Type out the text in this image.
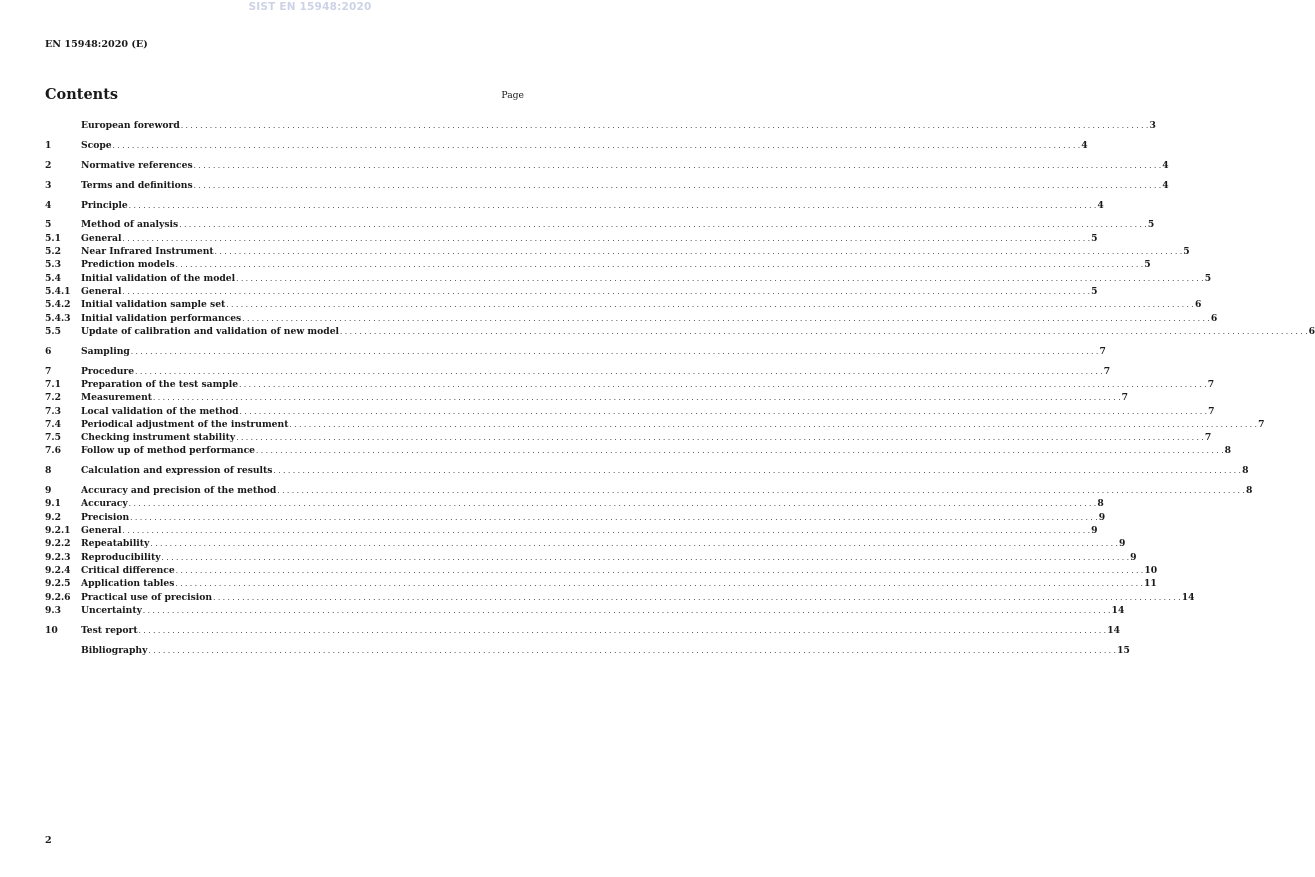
SIST EN 15948:2020
EN 15948:2020 (E)
Contents	Page
European foreword . . . . . . . . . . . . . . . . . . . . . . . . . . . . . . . . . . . . . . . . . . . . . . . . . . . . . . . . . . . . . . . . . . . . . . . . . . . . . . . . . . . . . . . . . . . . . . . . . . . . . . . . . . . . . . . . . . . . . . . . . . . . . . . . . . . . . . . . . . . . . . . . . . . . . . . . . . . . . . . . . . . . . . . . . . . . . . . . . . . . . . . . . . . . . . . . . . . . . . . . 3
1	Scope . . . . . . . . . . . . . . . . . . . . . . . . . . . . . . . . . . . . . . . . . . . . . . . . . . . . . . . . . . . . . . . . . . . . . . . . . . . . . . . . . . . . . . . . . . . . . . . . . . . . . . . . . . . . . . . . . . . . . . . . . . . . . . . . . . . . . . . . . . . . . . . . . . . . . . . . . . . . . . . . . . . . . . . . . . . . . . . . . . . . . . . . . . . . . . . . . . . . . . . . 4
2	Normative references . . . . . . . . . . . . . . . . . . . . . . . . . . . . . . . . . . . . . . . . . . . . . . . . . . . . . . . . . . . . . . . . . . . . . . . . . . . . . . . . . . . . . . . . . . . . . . . . . . . . . . . . . . . . . . . . . . . . . . . . . . . . . . . . . . . . . . . . . . . . . . . . . . . . . . . . . . . . . . . . . . . . . . . . . . . . . . . . . . . . . . . . . . . . . . . . . . . . . . . . 4
3	Terms and definitions . . . . . . . . . . . . . . . . . . . . . . . . . . . . . . . . . . . . . . . . . . . . . . . . . . . . . . . . . . . . . . . . . . . . . . . . . . . . . . . . . . . . . . . . . . . . . . . . . . . . . . . . . . . . . . . . . . . . . . . . . . . . . . . . . . . . . . . . . . . . . . . . . . . . . . . . . . . . . . . . . . . . . . . . . . . . . . . . . . . . . . . . . . . . . . . . . . . . . . . . 4
4	Principle . . . . . . . . . . . . . . . . . . . . . . . . . . . . . . . . . . . . . . . . . . . . . . . . . . . . . . . . . . . . . . . . . . . . . . . . . . . . . . . . . . . . . . . . . . . . . . . . . . . . . . . . . . . . . . . . . . . . . . . . . . . . . . . . . . . . . . . . . . . . . . . . . . . . . . . . . . . . . . . . . . . . . . . . . . . . . . . . . . . . . . . . . . . . . . . . . . . . . . . . 4
5	Method of analysis . . . . . . . . . . . . . . . . . . . . . . . . . . . . . . . . . . . . . . . . . . . . . . . . . . . . . . . . . . . . . . . . . . . . . . . . . . . . . . . . . . . . . . . . . . . . . . . . . . . . . . . . . . . . . . . . . . . . . . . . . . . . . . . . . . . . . . . . . . . . . . . . . . . . . . . . . . . . . . . . . . . . . . . . . . . . . . . . . . . . . . . . . . . . . . . . . . . . . . . . 5
5.1	General . . . . . . . . . . . . . . . . . . . . . . . . . . . . . . . . . . . . . . . . . . . . . . . . . . . . . . . . . . . . . . . . . . . . . . . . . . . . . . . . . . . . . . . . . . . . . . . . . . . . . . . . . . . . . . . . . . . . . . . . . . . . . . . . . . . . . . . . . . . . . . . . . . . . . . . . . . . . . . . . . . . . . . . . . . . . . . . . . . . . . . . . . . . . . . . . . . . . . . . . 5
5.2	Near Infrared Instrument . . . . . . . . . . . . . . . . . . . . . . . . . . . . . . . . . . . . . . . . . . . . . . . . . . . . . . . . . . . . . . . . . . . . . . . . . . . . . . . . . . . . . . . . . . . . . . . . . . . . . . . . . . . . . . . . . . . . . . . . . . . . . . . . . . . . . . . . . . . . . . . . . . . . . . . . . . . . . . . . . . . . . . . . . . . . . . . . . . . . . . . . . . . . . . . . . . . . . . . . 5
5.3	Prediction models . . . . . . . . . . . . . . . . . . . . . . . . . . . . . . . . . . . . . . . . . . . . . . . . . . . . . . . . . . . . . . . . . . . . . . . . . . . . . . . . . . . . . . . . . . . . . . . . . . . . . . . . . . . . . . . . . . . . . . . . . . . . . . . . . . . . . . . . . . . . . . . . . . . . . . . . . . . . . . . . . . . . . . . . . . . . . . . . . . . . . . . . . . . . . . . . . . . . . . . . 5
5.4	Initial validation of the model . . . . . . . . . . . . . . . . . . . . . . . . . . . . . . . . . . . . . . . . . . . . . . . . . . . . . . . . . . . . . . . . . . . . . . . . . . . . . . . . . . . . . . . . . . . . . . . . . . . . . . . . . . . . . . . . . . . . . . . . . . . . . . . . . . . . . . . . . . . . . . . . . . . . . . . . . . . . . . . . . . . . . . . . . . . . . . . . . . . . . . . . . . . . . . . . . . . . . . . . 5
5.4.1	General . . . . . . . . . . . . . . . . . . . . . . . . . . . . . . . . . . . . . . . . . . . . . . . . . . . . . . . . . . . . . . . . . . . . . . . . . . . . . . . . . . . . . . . . . . . . . . . . . . . . . . . . . . . . . . . . . . . . . . . . . . . . . . . . . . . . . . . . . . . . . . . . . . . . . . . . . . . . . . . . . . . . . . . . . . . . . . . . . . . . . . . . . . . . . . . . . . . . . . . . 5
5.4.2	Initial validation sample set . . . . . . . . . . . . . . . . . . . . . . . . . . . . . . . . . . . . . . . . . . . . . . . . . . . . . . . . . . . . . . . . . . . . . . . . . . . . . . . . . . . . . . . . . . . . . . . . . . . . . . . . . . . . . . . . . . . . . . . . . . . . . . . . . . . . . . . . . . . . . . . . . . . . . . . . . . . . . . . . . . . . . . . . . . . . . . . . . . . . . . . . . . . . . . . . . . . . . . . . 6
5.4.3	Initial validation performances . . . . . . . . . . . . . . . . . . . . . . . . . . . . . . . . . . . . . . . . . . . . . . . . . . . . . . . . . . . . . . . . . . . . . . . . . . . . . . . . . . . . . . . . . . . . . . . . . . . . . . . . . . . . . . . . . . . . . . . . . . . . . . . . . . . . . . . . . . . . . . . . . . . . . . . . . . . . . . . . . . . . . . . . . . . . . . . . . . . . . . . . . . . . . . . . . . . . . . . . 6
5.5	Update of calibration and validation of new model . . . . . . . . . . . . . . . . . . . . . . . . . . . . . . . . . . . . . . . . . . . . . . . . . . . . . . . . . . . . . . . . . . . . . . . . . . . . . . . . . . . . . . . . . . . . . . . . . . . . . . . . . . . . . . . . . . . . . . . . . . . . . . . . . . . . . . . . . . . . . . . . . . . . . . . . . . . . . . . . . . . . . . . . . . . . . . . . . . . . . . . . . . . . . . . . . . . . . . . . 6
6	Sampling . . . . . . . . . . . . . . . . . . . . . . . . . . . . . . . . . . . . . . . . . . . . . . . . . . . . . . . . . . . . . . . . . . . . . . . . . . . . . . . . . . . . . . . . . . . . . . . . . . . . . . . . . . . . . . . . . . . . . . . . . . . . . . . . . . . . . . . . . . . . . . . . . . . . . . . . . . . . . . . . . . . . . . . . . . . . . . . . . . . . . . . . . . . . . . . . . . . . . . . . 7
7	Procedure . . . . . . . . . . . . . . . . . . . . . . . . . . . . . . . . . . . . . . . . . . . . . . . . . . . . . . . . . . . . . . . . . . . . . . . . . . . . . . . . . . . . . . . . . . . . . . . . . . . . . . . . . . . . . . . . . . . . . . . . . . . . . . . . . . . . . . . . . . . . . . . . . . . . . . . . . . . . . . . . . . . . . . . . . . . . . . . . . . . . . . . . . . . . . . . . . . . . . . . . 7
7.1	Preparation of the test sample . . . . . . . . . . . . . . . . . . . . . . . . . . . . . . . . . . . . . . . . . . . . . . . . . . . . . . . . . . . . . . . . . . . . . . . . . . . . . . . . . . . . . . . . . . . . . . . . . . . . . . . . . . . . . . . . . . . . . . . . . . . . . . . . . . . . . . . . . . . . . . . . . . . . . . . . . . . . . . . . . . . . . . . . . . . . . . . . . . . . . . . . . . . . . . . . . . . . . . . . 7
7.2	Measurement . . . . . . . . . . . . . . . . . . . . . . . . . . . . . . . . . . . . . . . . . . . . . . . . . . . . . . . . . . . . . . . . . . . . . . . . . . . . . . . . . . . . . . . . . . . . . . . . . . . . . . . . . . . . . . . . . . . . . . . . . . . . . . . . . . . . . . . . . . . . . . . . . . . . . . . . . . . . . . . . . . . . . . . . . . . . . . . . . . . . . . . . . . . . . . . . . . . . . . . . 7
7.3	Local validation of the method . . . . . . . . . . . . . . . . . . . . . . . . . . . . . . . . . . . . . . . . . . . . . . . . . . . . . . . . . . . . . . . . . . . . . . . . . . . . . . . . . . . . . . . . . . . . . . . . . . . . . . . . . . . . . . . . . . . . . . . . . . . . . . . . . . . . . . . . . . . . . . . . . . . . . . . . . . . . . . . . . . . . . . . . . . . . . . . . . . . . . . . . . . . . . . . . . . . . . . . . 7
7.4	Periodical adjustment of the instrument . . . . . . . . . . . . . . . . . . . . . . . . . . . . . . . . . . . . . . . . . . . . . . . . . . . . . . . . . . . . . . . . . . . . . . . . . . . . . . . . . . . . . . . . . . . . . . . . . . . . . . . . . . . . . . . . . . . . . . . . . . . . . . . . . . . . . . . . . . . . . . . . . . . . . . . . . . . . . . . . . . . . . . . . . . . . . . . . . . . . . . . . . . . . . . . . . . . . . . . . 7
7.5	Checking instrument stability . . . . . . . . . . . . . . . . . . . . . . . . . . . . . . . . . . . . . . . . . . . . . . . . . . . . . . . . . . . . . . . . . . . . . . . . . . . . . . . . . . . . . . . . . . . . . . . . . . . . . . . . . . . . . . . . . . . . . . . . . . . . . . . . . . . . . . . . . . . . . . . . . . . . . . . . . . . . . . . . . . . . . . . . . . . . . . . . . . . . . . . . . . . . . . . . . . . . . . . . 7
7.6	Follow up of method performance . . . . . . . . . . . . . . . . . . . . . . . . . . . . . . . . . . . . . . . . . . . . . . . . . . . . . . . . . . . . . . . . . . . . . . . . . . . . . . . . . . . . . . . . . . . . . . . . . . . . . . . . . . . . . . . . . . . . . . . . . . . . . . . . . . . . . . . . . . . . . . . . . . . . . . . . . . . . . . . . . . . . . . . . . . . . . . . . . . . . . . . . . . . . . . . . . . . . . . . . 8
8	Calculation and expression of results . . . . . . . . . . . . . . . . . . . . . . . . . . . . . . . . . . . . . . . . . . . . . . . . . . . . . . . . . . . . . . . . . . . . . . . . . . . . . . . . . . . . . . . . . . . . . . . . . . . . . . . . . . . . . . . . . . . . . . . . . . . . . . . . . . . . . . . . . . . . . . . . . . . . . . . . . . . . . . . . . . . . . . . . . . . . . . . . . . . . . . . . . . . . . . . . . . . . . . . . 8
9	Accuracy and precision of the method . . . . . . . . . . . . . . . . . . . . . . . . . . . . . . . . . . . . . . . . . . . . . . . . . . . . . . . . . . . . . . . . . . . . . . . . . . . . . . . . . . . . . . . . . . . . . . . . . . . . . . . . . . . . . . . . . . . . . . . . . . . . . . . . . . . . . . . . . . . . . . . . . . . . . . . . . . . . . . . . . . . . . . . . . . . . . . . . . . . . . . . . . . . . . . . . . . . . . . . . 8
9.1	Accuracy . . . . . . . . . . . . . . . . . . . . . . . . . . . . . . . . . . . . . . . . . . . . . . . . . . . . . . . . . . . . . . . . . . . . . . . . . . . . . . . . . . . . . . . . . . . . . . . . . . . . . . . . . . . . . . . . . . . . . . . . . . . . . . . . . . . . . . . . . . . . . . . . . . . . . . . . . . . . . . . . . . . . . . . . . . . . . . . . . . . . . . . . . . . . . . . . . . . . . . . . 8
9.2	Precision . . . . . . . . . . . . . . . . . . . . . . . . . . . . . . . . . . . . . . . . . . . . . . . . . . . . . . . . . . . . . . . . . . . . . . . . . . . . . . . . . . . . . . . . . . . . . . . . . . . . . . . . . . . . . . . . . . . . . . . . . . . . . . . . . . . . . . . . . . . . . . . . . . . . . . . . . . . . . . . . . . . . . . . . . . . . . . . . . . . . . . . . . . . . . . . . . . . . . . . . 9
9.2.1	General . . . . . . . . . . . . . . . . . . . . . . . . . . . . . . . . . . . . . . . . . . . . . . . . . . . . . . . . . . . . . . . . . . . . . . . . . . . . . . . . . . . . . . . . . . . . . . . . . . . . . . . . . . . . . . . . . . . . . . . . . . . . . . . . . . . . . . . . . . . . . . . . . . . . . . . . . . . . . . . . . . . . . . . . . . . . . . . . . . . . . . . . . . . . . . . . . . . . . . . . 9
9.2.2	Repeatability . . . . . . . . . . . . . . . . . . . . . . . . . . . . . . . . . . . . . . . . . . . . . . . . . . . . . . . . . . . . . . . . . . . . . . . . . . . . . . . . . . . . . . . . . . . . . . . . . . . . . . . . . . . . . . . . . . . . . . . . . . . . . . . . . . . . . . . . . . . . . . . . . . . . . . . . . . . . . . . . . . . . . . . . . . . . . . . . . . . . . . . . . . . . . . . . . . . . . . . . 9
9.2.3	Reproducibility . . . . . . . . . . . . . . . . . . . . . . . . . . . . . . . . . . . . . . . . . . . . . . . . . . . . . . . . . . . . . . . . . . . . . . . . . . . . . . . . . . . . . . . . . . . . . . . . . . . . . . . . . . . . . . . . . . . . . . . . . . . . . . . . . . . . . . . . . . . . . . . . . . . . . . . . . . . . . . . . . . . . . . . . . . . . . . . . . . . . . . . . . . . . . . . . . . . . . . . . 9
9.2.4	Critical difference . . . . . . . . . . . . . . . . . . . . . . . . . . . . . . . . . . . . . . . . . . . . . . . . . . . . . . . . . . . . . . . . . . . . . . . . . . . . . . . . . . . . . . . . . . . . . . . . . . . . . . . . . . . . . . . . . . . . . . . . . . . . . . . . . . . . . . . . . . . . . . . . . . . . . . . . . . . . . . . . . . . . . . . . . . . . . . . . . . . . . . . . . . . . . . . . . . . . . . . . 10
9.2.5	Application tables . . . . . . . . . . . . . . . . . . . . . . . . . . . . . . . . . . . . . . . . . . . . . . . . . . . . . . . . . . . . . . . . . . . . . . . . . . . . . . . . . . . . . . . . . . . . . . . . . . . . . . . . . . . . . . . . . . . . . . . . . . . . . . . . . . . . . . . . . . . . . . . . . . . . . . . . . . . . . . . . . . . . . . . . . . . . . . . . . . . . . . . . . . . . . . . . . . . . . . . . 11
9.2.6	Practical use of precision . . . . . . . . . . . . . . . . . . . . . . . . . . . . . . . . . . . . . . . . . . . . . . . . . . . . . . . . . . . . . . . . . . . . . . . . . . . . . . . . . . . . . . . . . . . . . . . . . . . . . . . . . . . . . . . . . . . . . . . . . . . . . . . . . . . . . . . . . . . . . . . . . . . . . . . . . . . . . . . . . . . . . . . . . . . . . . . . . . . . . . . . . . . . . . . . . . . . . . . . 14
9.3	Uncertainty . . . . . . . . . . . . . . . . . . . . . . . . . . . . . . . . . . . . . . . . . . . . . . . . . . . . . . . . . . . . . . . . . . . . . . . . . . . . . . . . . . . . . . . . . . . . . . . . . . . . . . . . . . . . . . . . . . . . . . . . . . . . . . . . . . . . . . . . . . . . . . . . . . . . . . . . . . . . . . . . . . . . . . . . . . . . . . . . . . . . . . . . . . . . . . . . . . . . . . . . 14
10	Test report . . . . . . . . . . . . . . . . . . . . . . . . . . . . . . . . . . . . . . . . . . . . . . . . . . . . . . . . . . . . . . . . . . . . . . . . . . . . . . . . . . . . . . . . . . . . . . . . . . . . . . . . . . . . . . . . . . . . . . . . . . . . . . . . . . . . . . . . . . . . . . . . . . . . . . . . . . . . . . . . . . . . . . . . . . . . . . . . . . . . . . . . . . . . . . . . . . . . . . . . 14
Bibliography . . . . . . . . . . . . . . . . . . . . . . . . . . . . . . . . . . . . . . . . . . . . . . . . . . . . . . . . . . . . . . . . . . . . . . . . . . . . . . . . . . . . . . . . . . . . . . . . . . . . . . . . . . . . . . . . . . . . . . . . . . . . . . . . . . . . . . . . . . . . . . . . . . . . . . . . . . . . . . . . . . . . . . . . . . . . . . . . . . . . . . . . . . . . . . . . . . . . . . . . 15
2
